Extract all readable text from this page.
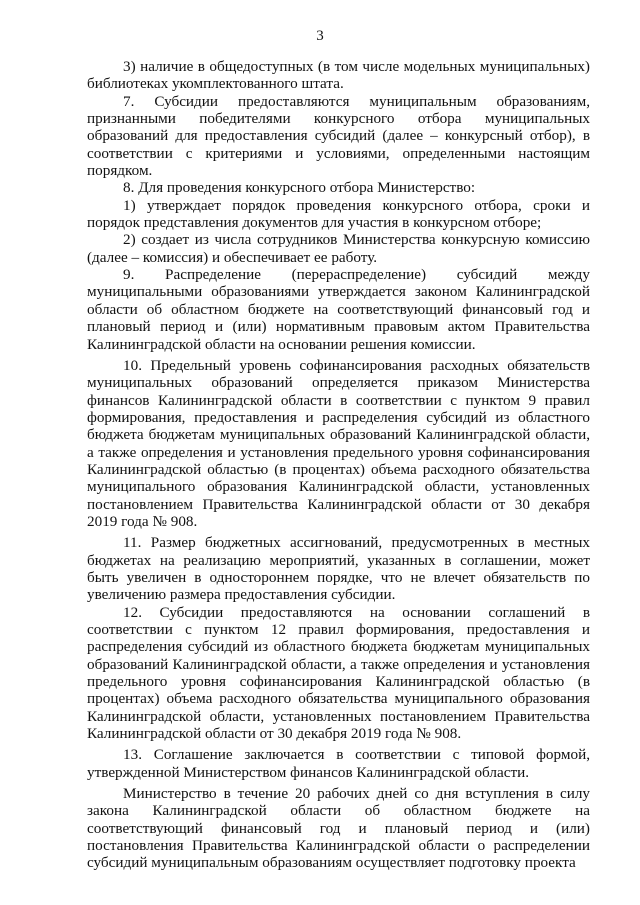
3

3) наличие в общедоступных (в том числе модельных муниципальных) библиотеках укомплектованного штата.

7. Субсидии предоставляются муниципальным образованиям, признанными победителями конкурсного отбора муниципальных образований для предоставления субсидий (далее – конкурсный отбор), в соответствии с критериями и условиями, определенными настоящим порядком.

8. Для проведения конкурсного отбора Министерство:

1) утверждает порядок проведения конкурсного отбора, сроки и порядок представления документов для участия в конкурсном отборе;

2) создает из числа сотрудников Министерства конкурсную комиссию (далее – комиссия) и обеспечивает ее работу.

9. Распределение (перераспределение) субсидий между муниципальными образованиями утверждается законом Калининградской области об областном бюджете на соответствующий финансовый год и плановый период и (или) нормативным правовым актом Правительства Калининградской области на основании решения комиссии.

10. Предельный уровень софинансирования расходных обязательств муниципальных образований определяется приказом Министерства финансов Калининградской области в соответствии с пунктом 9 правил формирования, предоставления и распределения субсидий из областного бюджета бюджетам муниципальных образований Калининградской области, а также определения и установления предельного уровня софинансирования Калининградской областью (в процентах) объема расходного обязательства муниципального образования Калининградской области, установленных постановлением Правительства Калининградской области от 30 декабря 2019 года № 908.

11. Размер бюджетных ассигнований, предусмотренных в местных бюджетах на реализацию мероприятий, указанных в соглашении, может быть увеличен в одностороннем порядке, что не влечет обязательств по увеличению размера предоставления субсидии.

12. Субсидии предоставляются на основании соглашений в соответствии с пунктом 12 правил формирования, предоставления и распределения субсидий из областного бюджета бюджетам муниципальных образований Калининградской области, а также определения и установления предельного уровня софинансирования Калининградской областью (в процентах) объема расходного обязательства муниципального образования Калининградской области, установленных постановлением Правительства Калининградской области от 30 декабря 2019 года № 908.

13. Соглашение заключается в соответствии с типовой формой, утвержденной Министерством финансов Калининградской области.

Министерство в течение 20 рабочих дней со дня вступления в силу закона Калининградской области об областном бюджете на соответствующий финансовый год и плановый период и (или) постановления Правительства Калининградской области о распределении субсидий муниципальным образованиям осуществляет подготовку проекта
